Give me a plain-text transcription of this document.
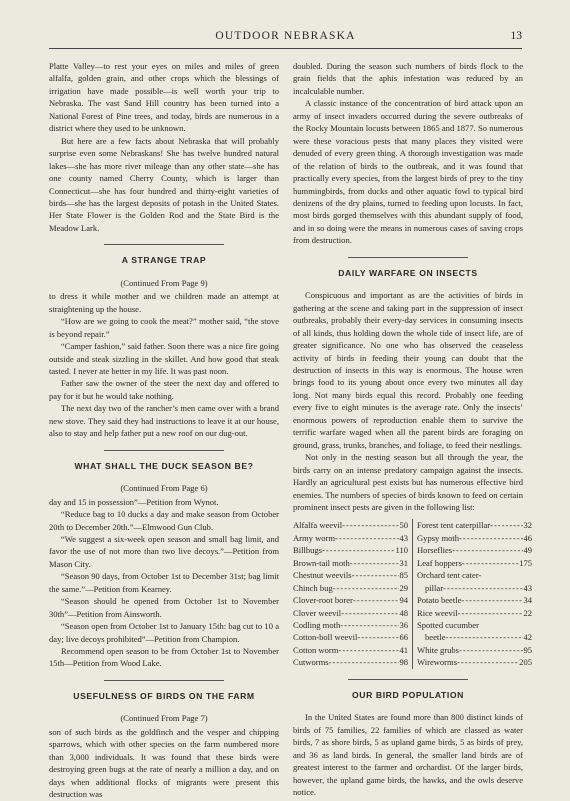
OUTDOOR NEBRASKA	13

Platte Valley—to rest your eyes on miles and miles of green alfalfa, golden grain, and other crops which the blessings of irrigation have made possible—is well worth your trip to Nebraska. The vast Sand Hill country has been turned into a National Forest of Pine trees, and today, birds are numerous in a district where they used to be unknown.

But here are a few facts about Nebraska that will probably surprise even some Nebraskans! She has twelve hundred natural lakes—she has more river mileage than any other state—she has one county named Cherry County, which is larger than Connecticut—she has four hundred and thirty-eight varieties of birds—she has the largest deposits of potash in the United States. Her State Flower is the Golden Rod and the State Bird is the Meadow Lark.

A STRANGE TRAP
(Continued From Page 9)

to dress it while mother and we children made an attempt at straightening up the house.

“How are we going to cook the meat?” mother said, “the stove is beyond repair.”

“Camper fashion,” said father. Soon there was a nice fire going outside and steak sizzling in the skillet. And how good that steak tasted. I never ate better in my life. It was past noon.

Father saw the owner of the steer the next day and offered to pay for it but he would take nothing.

The next day two of the rancher’s men came over with a brand new stove. They said they had instructions to leave it at our house, also to stay and help father put a new roof on our dug-out.

WHAT SHALL THE DUCK SEASON BE?
(Continued From Page 6)

day and 15 in possession”—Petition from Wynot.

“Reduce bag to 10 ducks a day and make season from October 20th to December 20th.”—Elmwood Gun Club.

“We suggest a six-week open season and small bag limit, and favor the use of not more than two live decoys.”—Petition from Mason City.

“Season 90 days, from October 1st to December 31st; bag limit the same.”—Petition from Kearney.

“Season should be opened from October 1st to November 30th”—Petition from Ainsworth.

“Season open from October 1st to January 15th: bag cut to 10 a day; live decoys prohibited”—Petition from Champion.

Recommend open season to be from October 1st to November 15th—Petition from Wood Lake.

USEFULNESS OF BIRDS ON THE FARM
(Continued From Page 7)

son of such birds as the goldfinch and the vesper and chipping sparrows, which with other species on the farm numbered more than 3,000 individuals. It was found that these birds were destroying green bugs at the rate of nearly a million a day, and on days when additional flocks of migrants were present this destruction was

doubled. During the season such numbers of birds flock to the grain fields that the aphis infestation was reduced by an incalculable number.

A classic instance of the concentration of bird attack upon an army of insect invaders occurred during the severe outbreaks of the Rocky Mountain locusts between 1865 and 1877. So numerous were these voracious pests that many places they visited were denuded of every green thing. A thorough investigation was made of the relation of birds to the outbreak, and it was found that practically every species, from the largest birds of prey to the tiny hummingbirds, from ducks and other aquatic fowl to typical bird denizens of the dry plains, turned to feeding upon locusts. In fact, most birds gorged themselves with this abundant supply of food, and in so doing were the means in numerous cases of saving crops from destruction.

DAILY WARFARE ON INSECTS

Conspicuous and important as are the activities of birds in gathering at the scene and taking part in the suppression of insect outbreaks, probably their every-day services in consuming insects of all kinds, thus holding down the whole tide of insect life, are of greater significance. No one who has observed the ceaseless activity of birds in feeding their young can doubt that the destruction of insects in this way is enormous. The house wren brings food to its young about once every two minutes all day long. Not many birds equal this record. Probably one feeding every five to eight minutes is the average rate. Only the insects’ enormous powers of reproduction enable them to survive the terrific warfare waged when all the parent birds are foraging on ground, grass, trunks, branches, and foliage, to feed their nestlings.

Not only in the nesting season but all through the year, the birds carry on an intense predatory campaign against the insects. Hardly an agricultural pest exists but has numerous effective bird enemies. The numbers of species of birds known to feed on certain prominent insect pests are given in the following list:

Alfalfa weevil -----	50
Army worm -----	43
Billbugs -----	110
Brown-tail moth -----	31
Chestnut weevils -----	85
Chinch bug -----	29
Clover-root borer -----	94
Clover weevil -----	48
Codling moth -----	36
Cotton-boll weevil -----	66
Cotton worm -----	41
Cutworms -----	98
Forest tent caterpillar -----	32
Gypsy moth -----	46
Horseflies -----	49
Leaf hoppers -----	175
Orchard tent cater-
pillar -----	43
Potato beetle -----	34
Rice weevil -----	22
Spotted cucumber
beetle -----	42
White grubs -----	95
Wireworms -----	205
OUR BIRD POPULATION

In the United States are found more than 800 distinct kinds of birds of 75 families, 22 families of which are classed as water birds, 7 as shore birds, 5 as upland game birds, 5 as birds of prey, and 36 as land birds. In general, the smaller land birds are of greatest interest to the farmer and orchardist. Of the larger birds, however, the upland game birds, the hawks, and the owls deserve notice.
